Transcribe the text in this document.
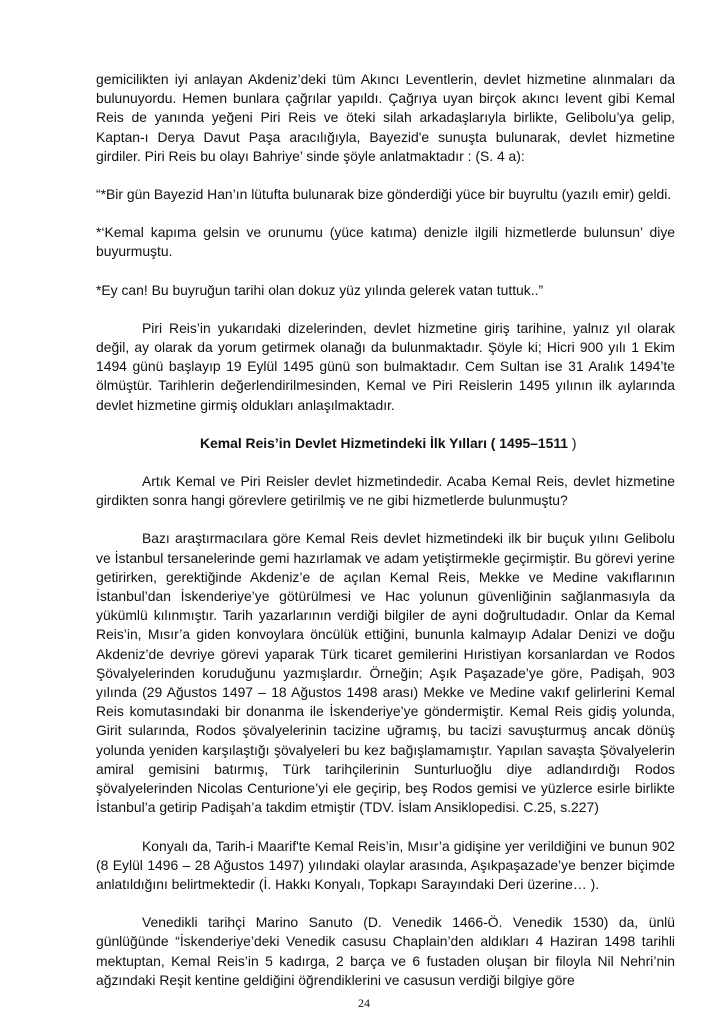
gemicilikten iyi anlayan Akdeniz’deki tüm Akıncı Leventlerin, devlet hizmetine alınmaları da bulunuyordu. Hemen bunlara çağrılar yapıldı. Çağrıya uyan birçok akıncı levent gibi Kemal Reis de yanında yeğeni Piri Reis ve öteki silah arkadaşlarıyla birlikte, Gelibolu’ya gelip, Kaptan-ı Derya Davut Paşa aracılığıyla, Bayezid'e sunuşta bulunarak, devlet hizmetine girdiler. Piri Reis bu olayı Bahriye’ sinde şöyle anlatmaktadır : (S. 4 a):

“*Bir gün Bayezid Han’ın lütufta bulunarak bize gönderdiği yüce bir buyrultu (yazılı emir) geldi.

*‘Kemal kapıma gelsin ve orunumu (yüce katıma) denizle ilgili hizmetlerde bulunsun’ diye buyurmuştu.

*Ey can! Bu buyruğun tarihi olan dokuz yüz yılında gelerek vatan tuttuk..”

Piri Reis’in yukarıdaki dizelerinden, devlet hizmetine giriş tarihine, yalnız yıl olarak değil, ay olarak da yorum getirmek olanağı da bulunmaktadır. Şöyle ki; Hicri 900 yılı 1 Ekim 1494 günü başlayıp 19 Eylül 1495 günü son bulmaktadır. Cem Sultan ise 31 Aralık 1494’te ölmüştür. Tarihlerin değerlendirilmesinden, Kemal ve Piri Reislerin 1495 yılının ilk aylarında devlet hizmetine girmiş oldukları anlaşılmaktadır.

Kemal Reis’in Devlet Hizmetindeki İlk Yılları ( 1495–1511 )

Artık Kemal ve Piri Reisler devlet hizmetindedir. Acaba Kemal Reis, devlet hizmetine girdikten sonra hangi görevlere getirilmiş ve ne gibi hizmetlerde bulunmuştu?

Bazı araştırmacılara göre Kemal Reis devlet hizmetindeki ilk bir buçuk yılını Gelibolu ve İstanbul tersanelerinde gemi hazırlamak ve adam yetiştirmekle geçirmiştir. Bu görevi yerine getirirken, gerektiğinde Akdeniz’e de açılan Kemal Reis, Mekke ve Medine vakıflarının İstanbul’dan İskenderiye’ye götürülmesi ve Hac yolunun güvenliğinin sağlanmasıyla da yükümlü kılınmıştır. Tarih yazarlarının verdiği bilgiler de ayni doğrultudadır. Onlar da Kemal Reis’in, Mısır’a giden konvoylara öncülük ettiğini, bununla kalmayıp Adalar Denizi ve doğu Akdeniz’de devriye görevi yaparak Türk ticaret gemilerini Hıristiyan korsanlardan ve Rodos Şövalyelerinden koruduğunu yazmışlardır. Örneğin; Aşık Paşazade’ye göre, Padişah, 903 yılında (29 Ağustos 1497 – 18 Ağustos 1498 arası) Mekke ve Medine vakıf gelirlerini Kemal Reis komutasındaki bir donanma ile İskenderiye’ye göndermiştir. Kemal Reis gidiş yolunda, Girit sularında, Rodos şövalyelerinin tacizine uğramış, bu tacizi savuşturmuş ancak dönüş yolunda yeniden karşılaştığı şövalyeleri bu kez bağışlamamıştır. Yapılan savaşta Şövalyelerin amiral gemisini batırmış, Türk tarihçilerinin Sunturluoğlu diye adlandırdığı Rodos şövalyelerinden Nicolas Centurione’yi ele geçirip, beş Rodos gemisi ve yüzlerce esirle birlikte İstanbul’a getirip Padişah’a takdim etmiştir (TDV. İslam Ansiklopedisi. C.25, s.227)

Konyalı da, Tarih-i Maarif'te Kemal Reis’in, Mısır’a gidişine yer verildiğini ve bunun 902 (8 Eylül 1496 – 28 Ağustos 1497) yılındaki olaylar arasında, Aşıkpaşazade’ye benzer biçimde anlatıldığını belirtmektedir (İ. Hakkı Konyalı, Topkapı Sarayındaki Deri üzerine… ).

Venedikli tarihçi Marino Sanuto (D. Venedik 1466-Ö. Venedik 1530) da, ünlü günlüğünde “İskenderiye’deki Venedik casusu Chaplain’den aldıkları 4 Haziran 1498 tarihli mektuptan, Kemal Reis’in 5 kadırga, 2 barça ve 6 fustaden oluşan bir filoyla Nil Nehri’nin ağzındaki Reşit kentine geldiğini öğrendiklerini ve casusun verdiği bilgiye göre

24
